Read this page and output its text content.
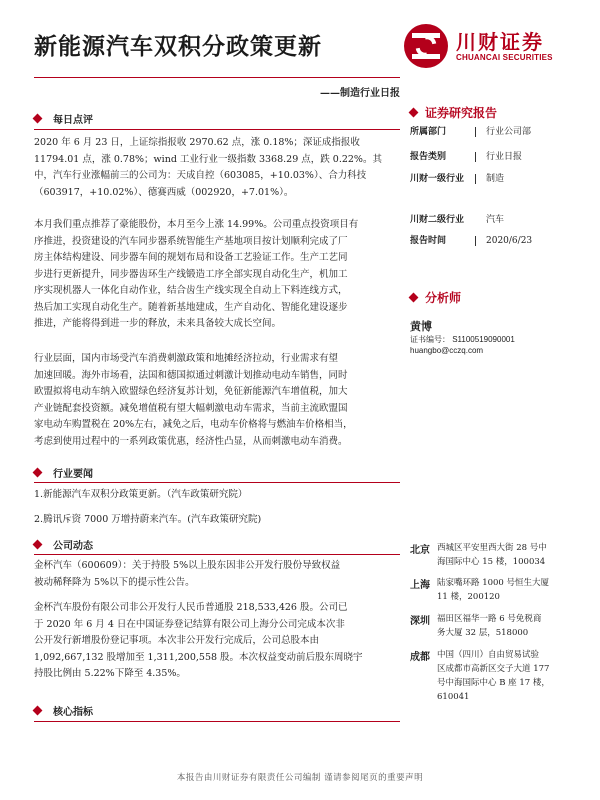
新能源汽车双积分政策更新	川财证券
CHUANCAI SECURITIES
——制造行业日报
每日点评
2020 年 6 月 23 日，上证综指报收 2970.62 点，涨 0.18%；深证成指报收
11794.01 点，涨 0.78%；wind 工业行业一级指数 3368.29 点，跌 0.22%。其
中，汽车行业涨幅前三的公司为：天成自控（603085，+10.03%）、合力科技
（603917，+10.02%）、德赛西威（002920，+7.01%）。
本月我们重点推荐了豪能股份，本月至今上涨 14.99%。公司重点投资项目有
序推进，投资建设的汽车同步器系统智能生产基地项目按计划顺利完成了厂
房主体结构建设、同步器车间的规划布局和设备工艺验证工作。生产工艺同
步进行更新提升，同步器齿环生产线锻造工序全部实现自动化生产，机加工
序实现机器人一体化自动作业，结合齿生产线实现全自动上下料连线方式，
热后加工实现自动化生产。随着新基地建成，生产自动化、智能化建设逐步
推进，产能将得到进一步的释放，未来具备较大成长空间。
行业层面，国内市场受汽车消费刺激政策和地摊经济拉动，行业需求有望
加速回暖。海外市场看，法国和德国拟通过刺激计划推动电动车销售，同时
欧盟拟将电动车纳入欧盟绿色经济复苏计划，免征新能源汽车增值税，加大
产业链配套投资额。减免增值税有望大幅刺激电动车需求，当前主流欧盟国
家电动车购置税在 20%左右，减免之后，电动车价格将与燃油车价格相当，
考虑到使用过程中的一系列政策优惠，经济性凸显，从而刺激电动车消费。
行业要闻
1.新能源汽车双积分政策更新。（汽车政策研究院）
2.腾讯斥资 7000 万增持蔚来汽车。(汽车政策研究院)
公司动态
金杯汽车（600609）：关于持股 5%以上股东因非公开发行股份导致权益
被动稀释降为 5%以下的提示性公告。
金杯汽车股份有限公司非公开发行人民币普通股 218,533,426 股。公司已
于 2020 年 6 月 4 日在中国证券登记结算有限公司上海分公司完成本次非
公开发行新增股份登记事项。本次非公开发行完成后，公司总股本由
1,092,667,132 股增加至 1,311,200,558 股。本次权益变动前后股东周晓宇
持股比例由 5.22%下降至 4.35%。
核心指标
证券研究报告
所属部门	行业公司部
报告类别	行业日报
川财一级行业 制造
川财二级行业 汽车
报告时间	2020/6/23
分析师
黄博
证书编号： S1100519090001
huangbo@cczq.com
北京 西城区平安里西大街 28 号中
海国际中心 15 楼，100034
上海 陆家嘴环路 1000 号恒生大厦
11 楼，200120
深圳 福田区福华一路 6 号免税商
务大厦 32 层，518000
成都 中国（四川）自由贸易试验
区成都市高新区交子大道 177
号中海国际中心 B 座 17 楼，
610041
本报告由川财证券有限责任公司编制 谨请参阅尾页的重要声明
